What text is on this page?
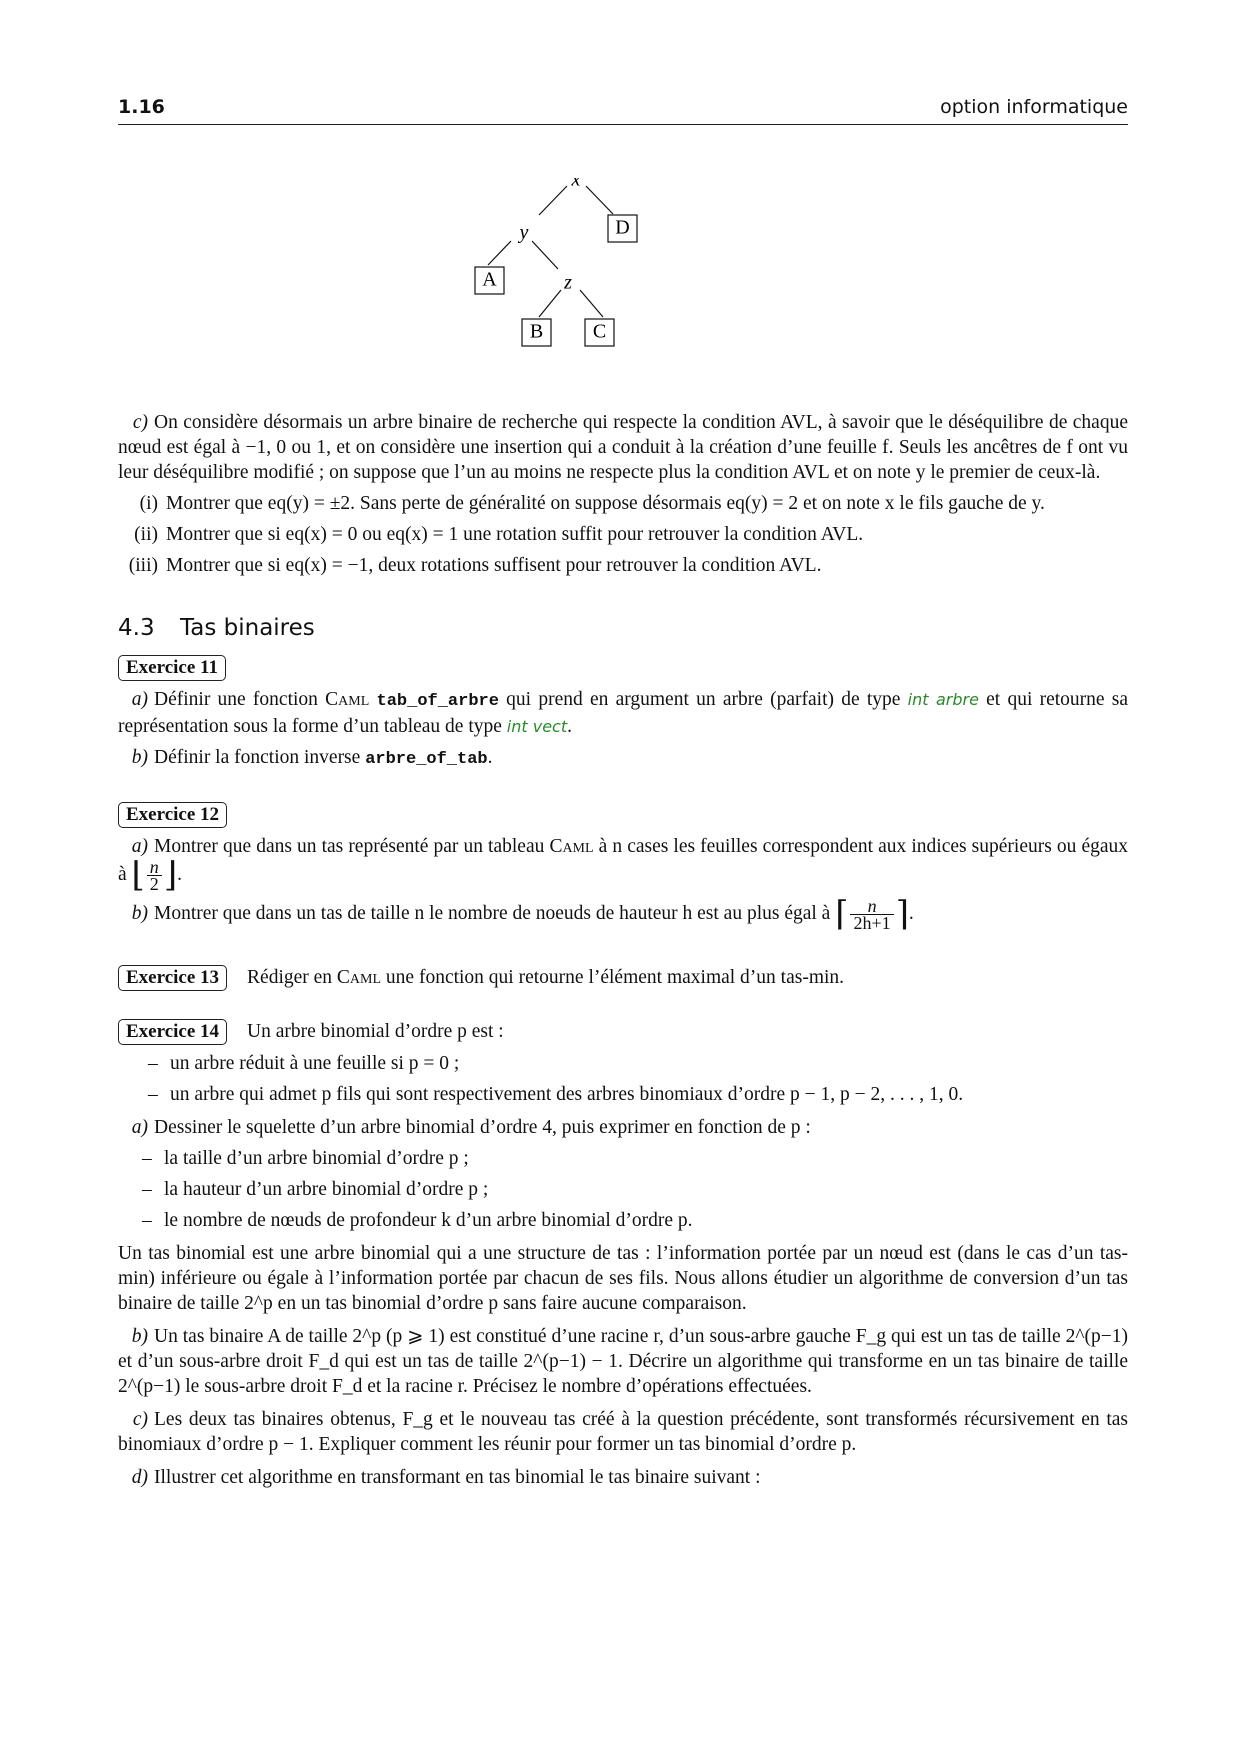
1.16	option informatique
x
y
z
D
A
B C

c) On considère désormais un arbre binaire de recherche qui respecte la condition AVL, à savoir que le déséquilibre de chaque nœud est égal à −1, 0 ou 1, et on considère une insertion qui a conduit à la création d’une feuille f. Seuls les ancêtres de f ont vu leur déséquilibre modifié ; on suppose que l’un au moins ne respecte plus la condition AVL et on note y le premier de ceux-là.

(i) Montrer que eq(y) = ±2. Sans perte de généralité on suppose désormais eq(y) = 2 et on note x le fils gauche de y.
(ii) Montrer que si eq(x) = 0 ou eq(x) = 1 une rotation suffit pour retrouver la condition AVL.
(iii) Montrer que si eq(x) = −1, deux rotations suffisent pour retrouver la condition AVL.
4.3 Tas binaires
Exercice 11

a) Définir une fonction Caml tab_of_arbre qui prend en argument un arbre (parfait) de type int arbre et qui retourne sa représentation sous la forme d’un tableau de type int vect.

b) Définir la fonction inverse arbre_of_tab.

Exercice 12

a) Montrer que dans un tas représenté par un tableau Caml à n cases les feuilles correspondent aux indices supérieurs ou égaux à ⌊ $\frac{n}{2}$ ⌋.

b) Montrer que dans un tas de taille n le nombre de noeuds de hauteur h est au plus égal à ⌈ $\frac{n}{2h+1}$ ⌉.

Exercice 13 Rédiger en Caml une fonction qui retourne l’élément maximal d’un tas-min.
Exercice 14 Un arbre binomial d’ordre p est :
– un arbre réduit à une feuille si p = 0 ;
– un arbre qui admet p fils qui sont respectivement des arbres binomiaux d’ordre p − 1, p − 2, . . . , 1, 0.

a) Dessiner le squelette d’un arbre binomial d’ordre 4, puis exprimer en fonction de p :

– la taille d’un arbre binomial d’ordre p ;
– la hauteur d’un arbre binomial d’ordre p ;
– le nombre de nœuds de profondeur k d’un arbre binomial d’ordre p.

Un tas binomial est une arbre binomial qui a une structure de tas : l’information portée par un nœud est (dans le cas d’un tas-min) inférieure ou égale à l’information portée par chacun de ses fils. Nous allons étudier un algorithme de conversion d’un tas binaire de taille 2^p en un tas binomial d’ordre p sans faire aucune comparaison.

b) Un tas binaire A de taille 2^p (p ⩾ 1) est constitué d’une racine r, d’un sous-arbre gauche F_g qui est un tas de taille 2^(p−1) et d’un sous-arbre droit F_d qui est un tas de taille 2^(p−1) − 1. Décrire un algorithme qui transforme en un tas binaire de taille 2^(p−1) le sous-arbre droit F_d et la racine r. Précisez le nombre d’opérations effectuées.

c) Les deux tas binaires obtenus, F_g et le nouveau tas créé à la question précédente, sont transformés récursivement en tas binomiaux d’ordre p − 1. Expliquer comment les réunir pour former un tas binomial d’ordre p.

d) Illustrer cet algorithme en transformant en tas binomial le tas binaire suivant :
